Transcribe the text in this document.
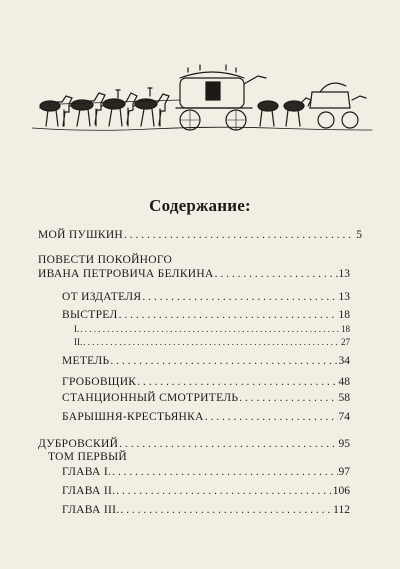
Содержание:
МОЙ ПУШКИН . . .	5
ПОВЕСТИ ПОКОЙНОГО
ИВАНА ПЕТРОВИЧА БЕЛКИНА . . .	13
ОТ ИЗДАТЕЛЯ . . .	13
ВЫСТРЕЛ . . .	18
I. . . .	18
II. . . .	27
МЕТЕЛЬ . . .	34
ГРОБОВЩИК . . .	48
СТАНЦИОННЫЙ СМОТРИТЕЛЬ . . .	58
БАРЫШНЯ-КРЕСТЬЯНКА . . .	74
ДУБРОВСКИЙ . . .	95
ТОМ ПЕРВЫЙ
ГЛАВА I. . . .	97
ГЛАВА II. . . .	106
ГЛАВА III. . . .	112
